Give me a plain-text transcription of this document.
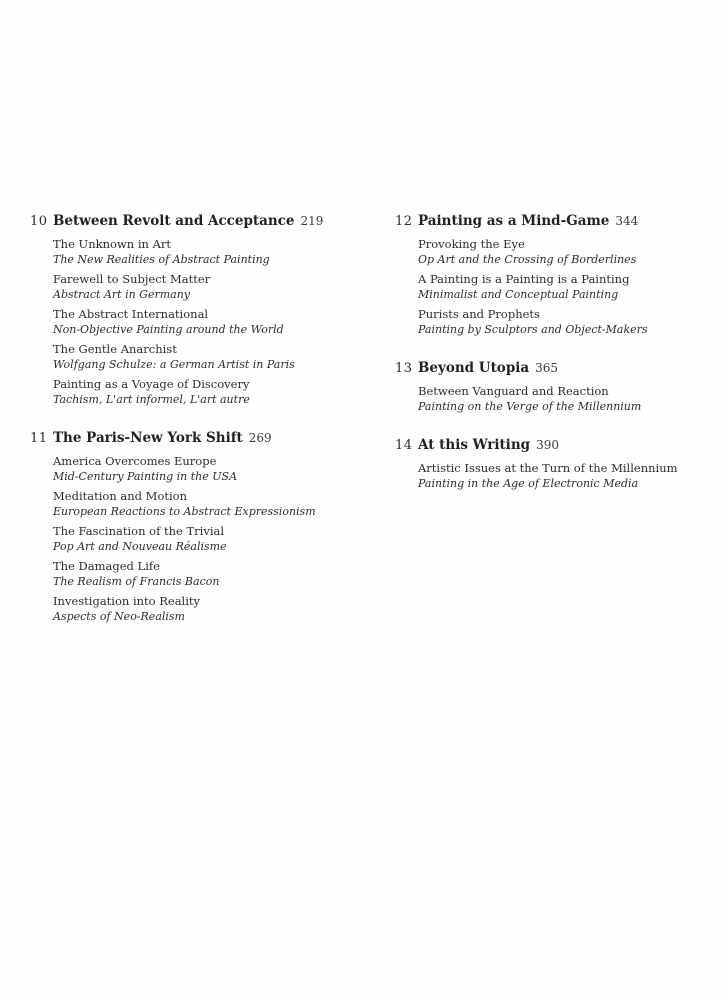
10 Between Revolt and Acceptance 219
The Unknown in Art
The New Realities of Abstract Painting
Farewell to Subject Matter
Abstract Art in Germany
The Abstract International
Non-Objective Painting around the World
The Gentle Anarchist
Wolfgang Schulze: a German Artist in Paris
Painting as a Voyage of Discovery
Tachism, L'art informel, L'art autre
11 The Paris-New York Shift 269
America Overcomes Europe
Mid-Century Painting in the USA
Meditation and Motion
European Reactions to Abstract Expressionism
The Fascination of the Trivial
Pop Art and Nouveau Réalisme
The Damaged Life
The Realism of Francis Bacon
Investigation into Reality
Aspects of Neo-Realism
12 Painting as a Mind-Game 344
Provoking the Eye
Op Art and the Crossing of Borderlines
A Painting is a Painting is a Painting
Minimalist and Conceptual Painting
Purists and Prophets
Painting by Sculptors and Object-Makers
13 Beyond Utopia 365
Between Vanguard and Reaction
Painting on the Verge of the Millennium
14 At this Writing 390
Artistic Issues at the Turn of the Millennium
Painting in the Age of Electronic Media
